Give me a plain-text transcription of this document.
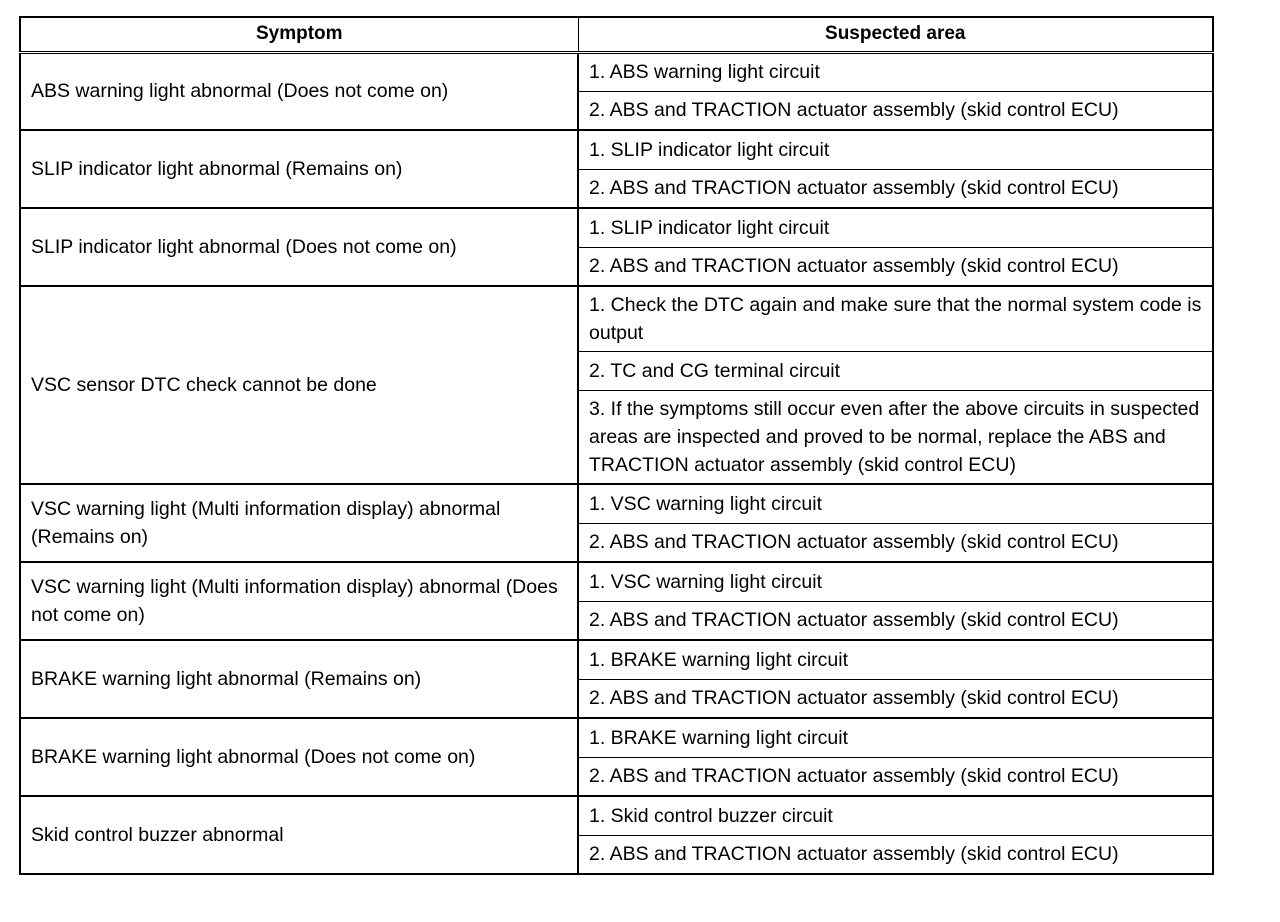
Symptom	Suspected area
ABS warning light abnormal (Does not come on)	1. ABS warning light circuit
	2. ABS and TRACTION actuator assembly (skid control ECU)
SLIP indicator light abnormal (Remains on)	1. SLIP indicator light circuit
	2. ABS and TRACTION actuator assembly (skid control ECU)
SLIP indicator light abnormal (Does not come on)	1. SLIP indicator light circuit
	2. ABS and TRACTION actuator assembly (skid control ECU)
VSC sensor DTC check cannot be done	1. Check the DTC again and make sure that the normal system code is output
	2. TC and CG terminal circuit
	3. If the symptoms still occur even after the above circuits in suspected areas are inspected and proved to be normal, replace the ABS and TRACTION actuator assembly (skid control ECU)
VSC warning light (Multi information display) abnormal (Remains on)	1. VSC warning light circuit
	2. ABS and TRACTION actuator assembly (skid control ECU)
VSC warning light (Multi information display) abnormal (Does not come on)	1. VSC warning light circuit
	2. ABS and TRACTION actuator assembly (skid control ECU)
BRAKE warning light abnormal (Remains on)	1. BRAKE warning light circuit
	2. ABS and TRACTION actuator assembly (skid control ECU)
BRAKE warning light abnormal (Does not come on)	1. BRAKE warning light circuit
	2. ABS and TRACTION actuator assembly (skid control ECU)
Skid control buzzer abnormal	1. Skid control buzzer circuit
	2. ABS and TRACTION actuator assembly (skid control ECU)
